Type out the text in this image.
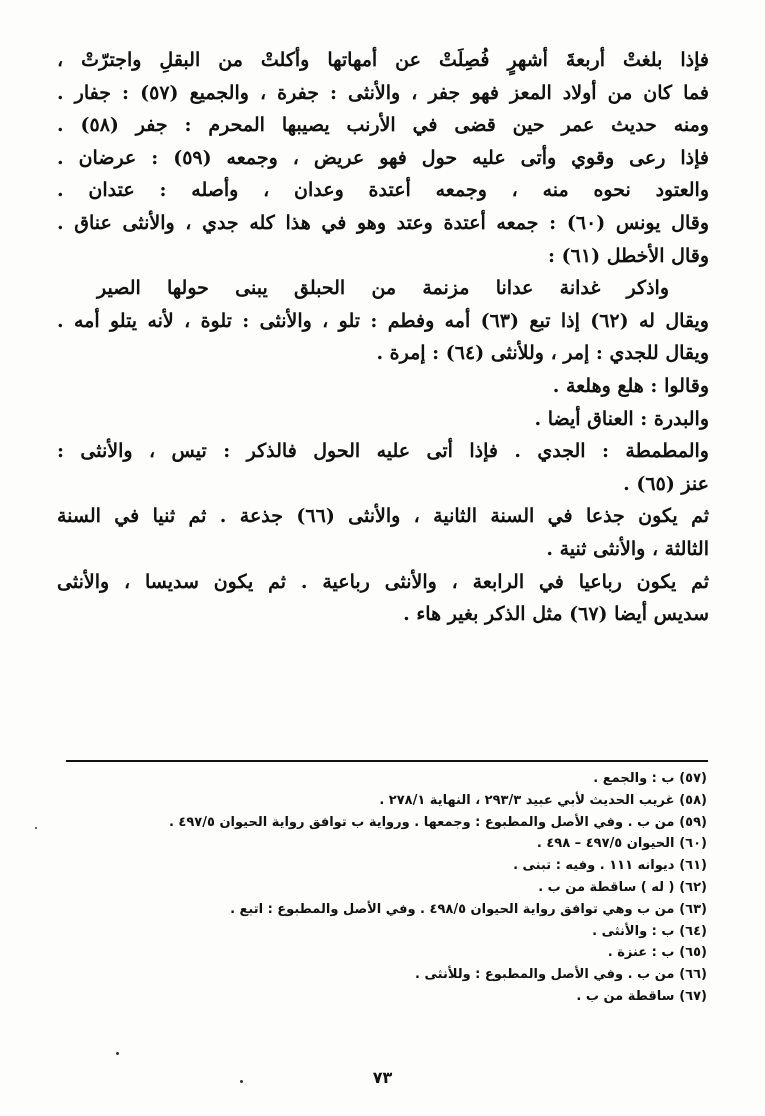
فإذا بلغتْ أربعةَ أشهرٍ فُصِلَتْ عن أمهاتها وأكلتْ من البقلِ واجترّتْ ،
فما كان من أولاد المعز فهو جفر ، والأنثى : جفرة ، والجميع (٥٧) : جفار .
ومنه حديث عمر حين قضى في الأرنب يصيبها المحرم : جفر (٥٨) .
فإذا رعى وقوي وأتى عليه حول فهو عريض ، وجمعه (٥٩) : عرضان .
والعتود نحوه منه ، وجمعه أعتدة وعدان ، وأصله : عتدان .
وقال يونس (٦٠) : جمعه أعتدة وعتد وهو في هذا كله جدي ، والأنثى عناق .
وقال الأخطل (٦١) :
واذكر غدانة عدانا مزنمة من الحبلق يبنى حولها الصير
ويقال له (٦٢) إذا تبع (٦٣) أمه وفطم : تلو ، والأنثى : تلوة ، لأنه يتلو أمه .
ويقال للجدي : إمر ، وللأنثى (٦٤) : إمرة .
وقالوا : هلع وهلعة .
والبدرة : العناق أيضا .
والمطمطة : الجدي . فإذا أتى عليه الحول فالذكر : تيس ، والأنثى :
عنز (٦٥) .
ثم يكون جذعا في السنة الثانية ، والأنثى (٦٦) جذعة . ثم ثنيا في السنة
الثالثة ، والأنثى ثنية .
ثم يكون رباعيا في الرابعة ، والأنثى رباعية . ثم يكون سديسا ، والأنثى
سديس أيضا (٦٧) مثل الذكر بغير هاء .
(٥٧) ب : والجمع .
(٥٨) غريب الحديث لأبي عبيد ٢٩٣/٣ ، النهاية ٢٧٨/١ .
(٥٩) من ب . وفي الأصل والمطبوع : وجمعها . ورواية ب توافق رواية الحيوان ٤٩٧/٥ .
(٦٠) الحيوان ٤٩٧/٥ – ٤٩٨ .
(٦١) ديوانه ١١١ . وفيه : تبنى .
(٦٢) ( له ) ساقطة من ب .
(٦٣) من ب وهي توافق رواية الحيوان ٤٩٨/٥ . وفي الأصل والمطبوع : اتبع .
(٦٤) ب : والأنثى .
(٦٥) ب : عنزة .
(٦٦) من ب . وفي الأصل والمطبوع : وللأنثى .
(٦٧) ساقطة من ب .
٧٣
